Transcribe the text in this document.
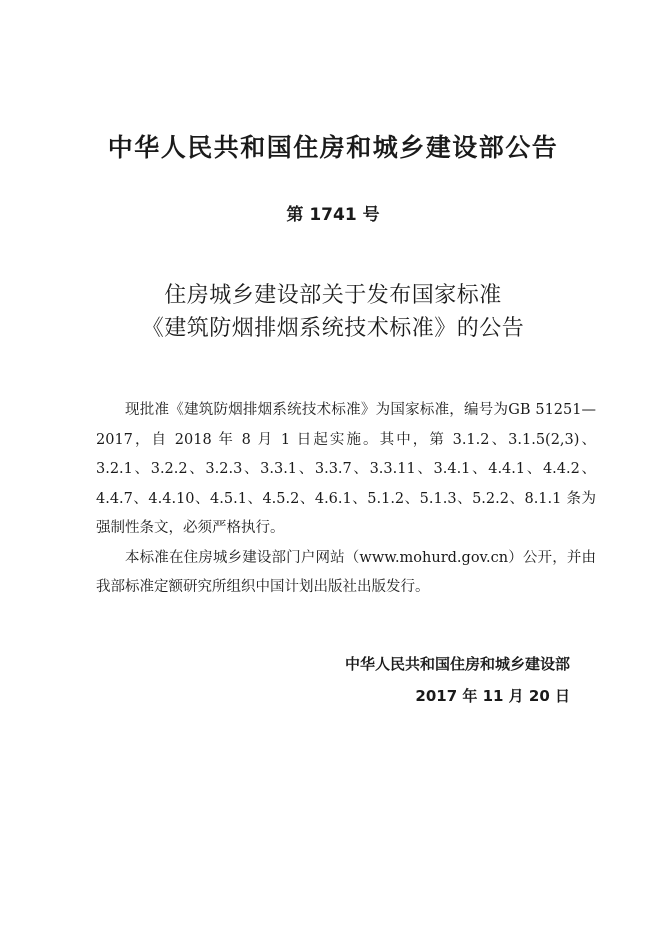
中华人民共和国住房和城乡建设部公告
第 1741 号
住房城乡建设部关于发布国家标准
《建筑防烟排烟系统技术标准》的公告

现批准《建筑防烟排烟系统技术标准》为国家标准，编号为GB 51251—2017，自 2018 年 8 月 1 日起实施。其中，第 3.1.2、3.1.5(2,3)、3.2.1、3.2.2、3.2.3、3.3.1、3.3.7、3.3.11、3.4.1、4.4.1、4.4.2、4.4.7、4.4.10、4.5.1、4.5.2、4.6.1、5.1.2、5.1.3、5.2.2、8.1.1 条为强制性条文，必须严格执行。

本标准在住房城乡建设部门户网站（www.mohurd.gov.cn）公开，并由我部标准定额研究所组织中国计划出版社出版发行。

中华人民共和国住房和城乡建设部
2017 年 11 月 20 日
